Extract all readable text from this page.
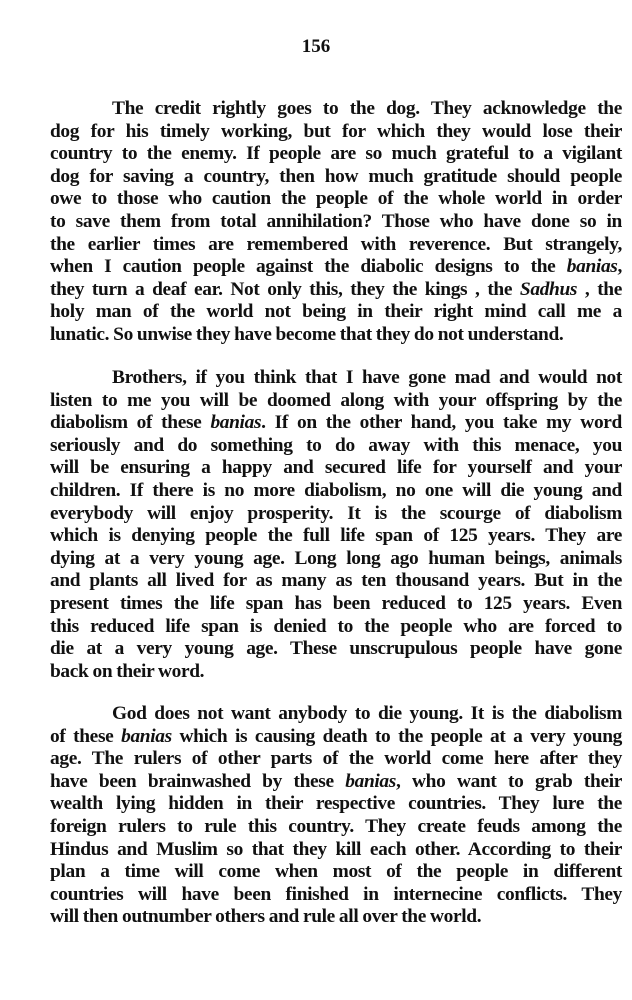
156
The credit rightly goes to the dog. They acknowledge the
dog for his timely working, but for which they would lose their
country to the enemy. If people are so much grateful to a vigilant
dog for saving a country, then how much gratitude should people
owe to those who caution the people of the whole world in order
to save them from total annihilation? Those who have done so in
the earlier times are remembered with reverence. But strangely,
when I caution people against the diabolic designs to the banias,
they turn a deaf ear. Not only this, they the kings , the Sadhus , the
holy man of the world not being in their right mind call me a
lunatic. So unwise they have become that they do not understand.
Brothers, if you think that I have gone mad and would not
listen to me you will be doomed along with your offspring by the
diabolism of these banias. If on the other hand, you take my word
seriously and do something to do away with this menace, you
will be ensuring a happy and secured life for yourself and your
children. If there is no more diabolism, no one will die young and
everybody will enjoy prosperity. It is the scourge of diabolism
which is denying people the full life span of 125 years. They are
dying at a very young age. Long long ago human beings, animals
and plants all lived for as many as ten thousand years. But in the
present times the life span has been reduced to 125 years. Even
this reduced life span is denied to the people who are forced to
die at a very young age. These unscrupulous people have gone
back on their word.
God does not want anybody to die young. It is the diabolism
of these banias which is causing death to the people at a very young
age. The rulers of other parts of the world come here after they
have been brainwashed by these banias, who want to grab their
wealth lying hidden in their respective countries. They lure the
foreign rulers to rule this country. They create feuds among the
Hindus and Muslim so that they kill each other. According to their
plan a time will come when most of the people in different
countries will have been finished in internecine conflicts. They
will then outnumber others and rule all over the world.
